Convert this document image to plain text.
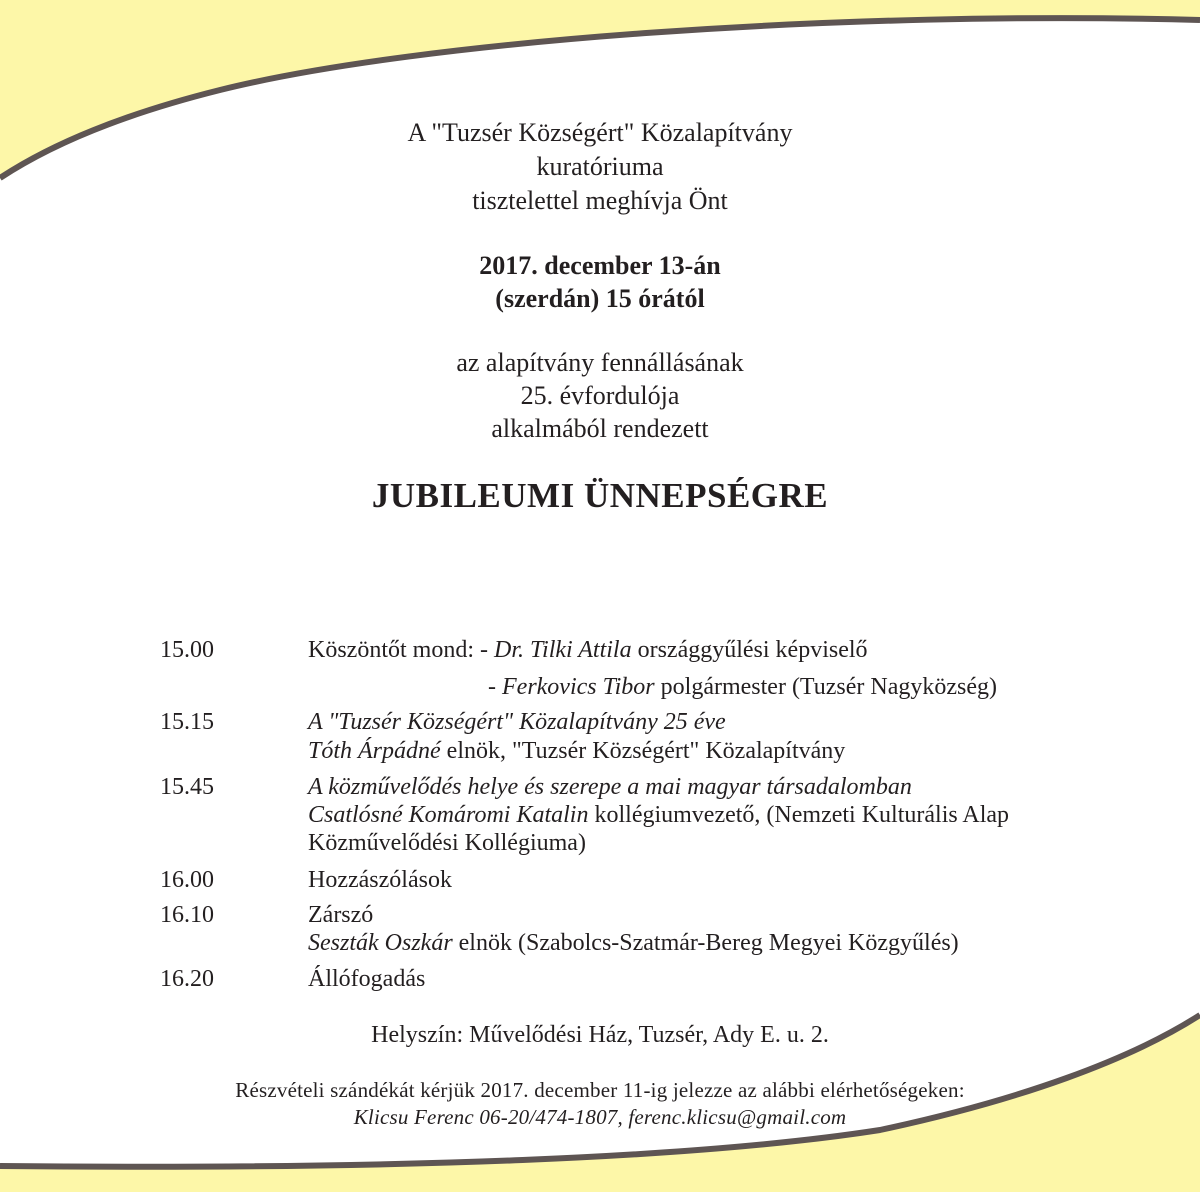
A "Tuzsér Községért" Közalapítvány
kuratóriuma
tisztelettel meghívja Önt
2017. december 13-án
(szerdán) 15 órától
az alapítvány fennállásának
25. évfordulója
alkalmából rendezett
JUBILEUMI ÜNNEPSÉGRE
15.00	Köszöntőt mond: - Dr. Tilki Attila országgyűlési képviselő
- Ferkovics Tibor polgármester (Tuzsér Nagyközség)
15.15	A "Tuzsér Községért" Közalapítvány 25 éve
Tóth Árpádné elnök, "Tuzsér Községért" Közalapítvány
15.45	A közművelődés helye és szerepe a mai magyar társadalomban
Csatlósné Komáromi Katalin kollégiumvezető, (Nemzeti Kulturális Alap
Közművelődési Kollégiuma)
16.00	Hozzászólások
16.10	Zárszó
Seszták Oszkár elnök (Szabolcs-Szatmár-Bereg Megyei Közgyűlés)
16.20	Állófogadás
Helyszín: Művelődési Ház, Tuzsér, Ady E. u. 2.
Részvételi szándékát kérjük 2017. december 11-ig jelezze az alábbi elérhetőségeken:
Klicsu Ferenc 06-20/474-1807, ferenc.klicsu@gmail.com
